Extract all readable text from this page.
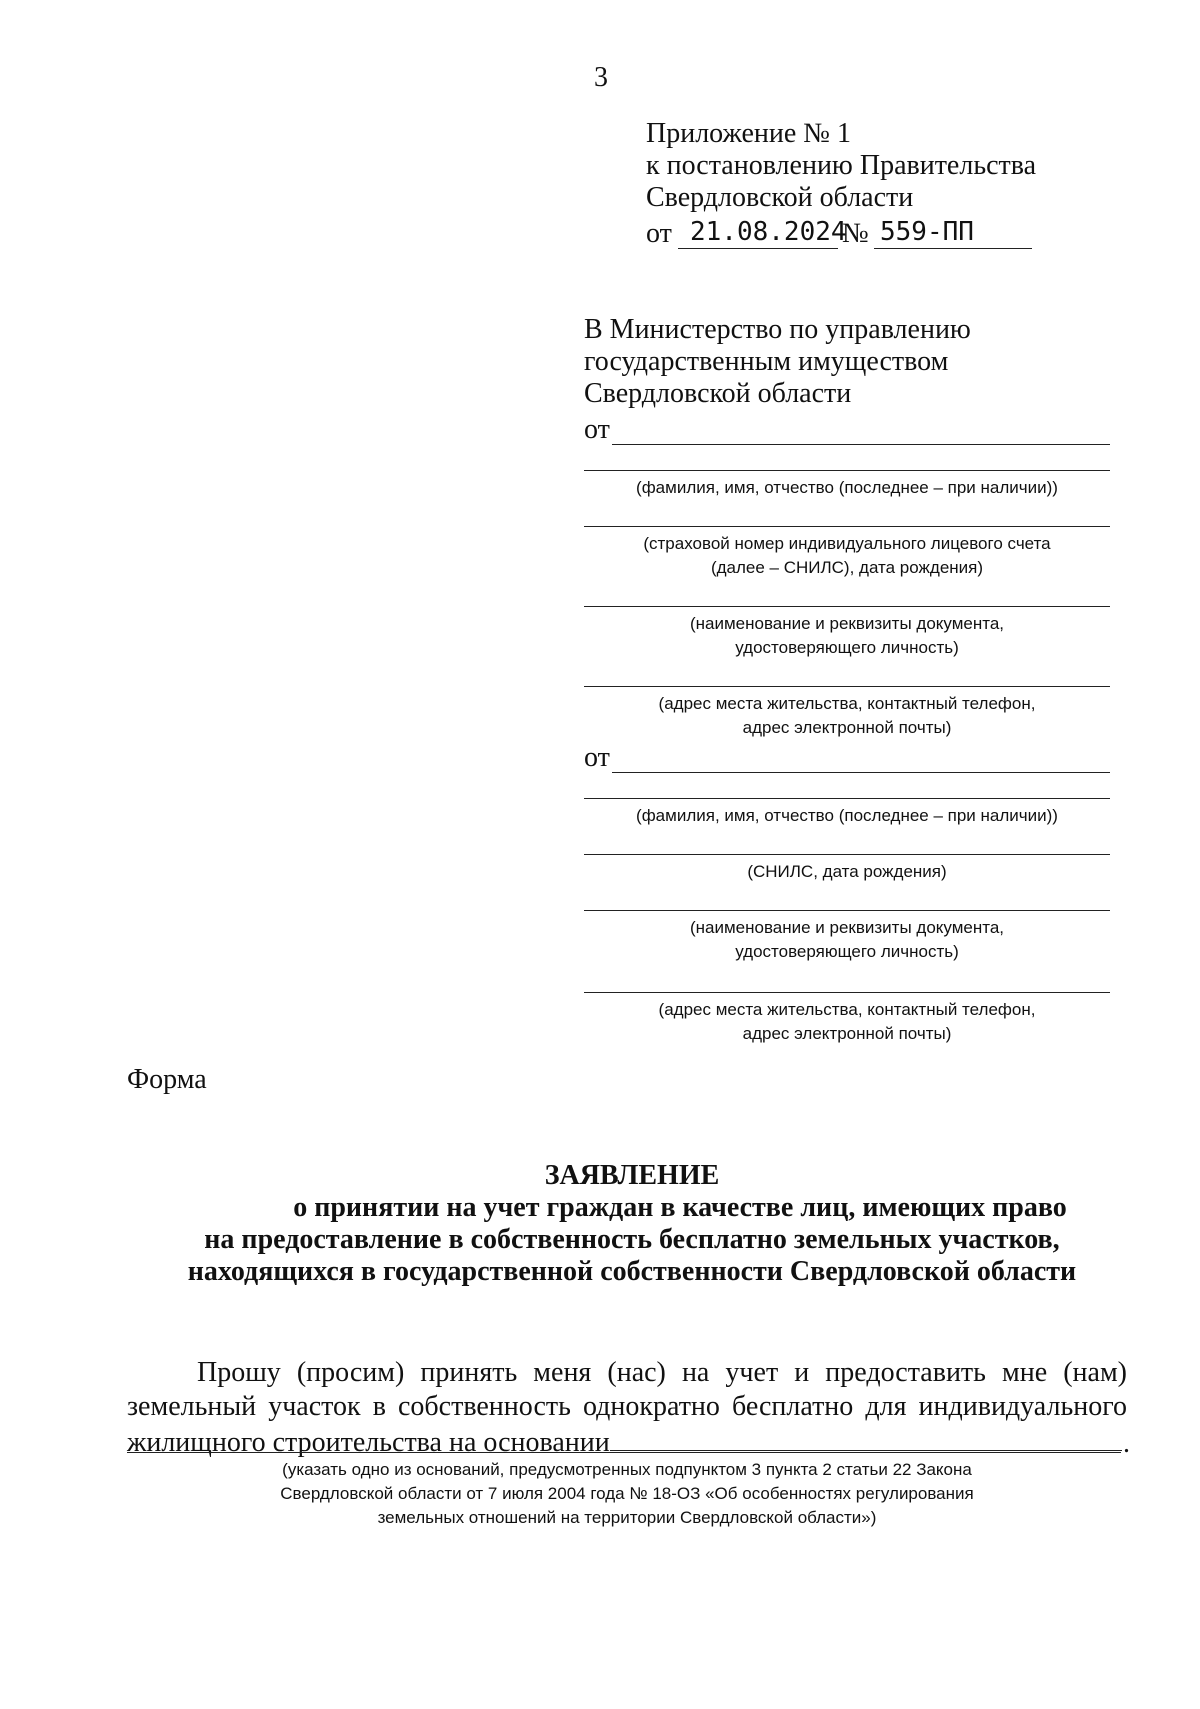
3
Приложение № 1
к постановлению Правительства
Свердловской области
от 21.08.2024
№ 559-ПП
В Министерство по управлению
государственным имуществом
Свердловской области
от
(фамилия, имя, отчество (последнее – при наличии))
(страховой номер индивидуального лицевого счета
(далее – СНИЛС), дата рождения)
(наименование и реквизиты документа,
удостоверяющего личность)
(адрес места жительства, контактный телефон,
адрес электронной почты)
от
(фамилия, имя, отчество (последнее – при наличии))
(СНИЛС, дата рождения)
(наименование и реквизиты документа,
удостоверяющего личность)
(адрес места жительства, контактный телефон,
адрес электронной почты)
Форма
ЗАЯВЛЕНИЕ
о принятии на учет граждан в качестве лиц, имеющих право
на предоставление в собственность бесплатно земельных участков,
находящихся в государственной собственности Свердловской области
Прошу (просим) принять меня (нас) на учет и предоставить мне (нам)
земельный участок в собственность однократно бесплатно для индивидуального
жилищного строительства на основании	.
(указать одно из оснований, предусмотренных подпунктом 3 пункта 2 статьи 22 Закона
Свердловской области от 7 июля 2004 года № 18-ОЗ «Об особенностях регулирования
земельных отношений на территории Свердловской области»)
